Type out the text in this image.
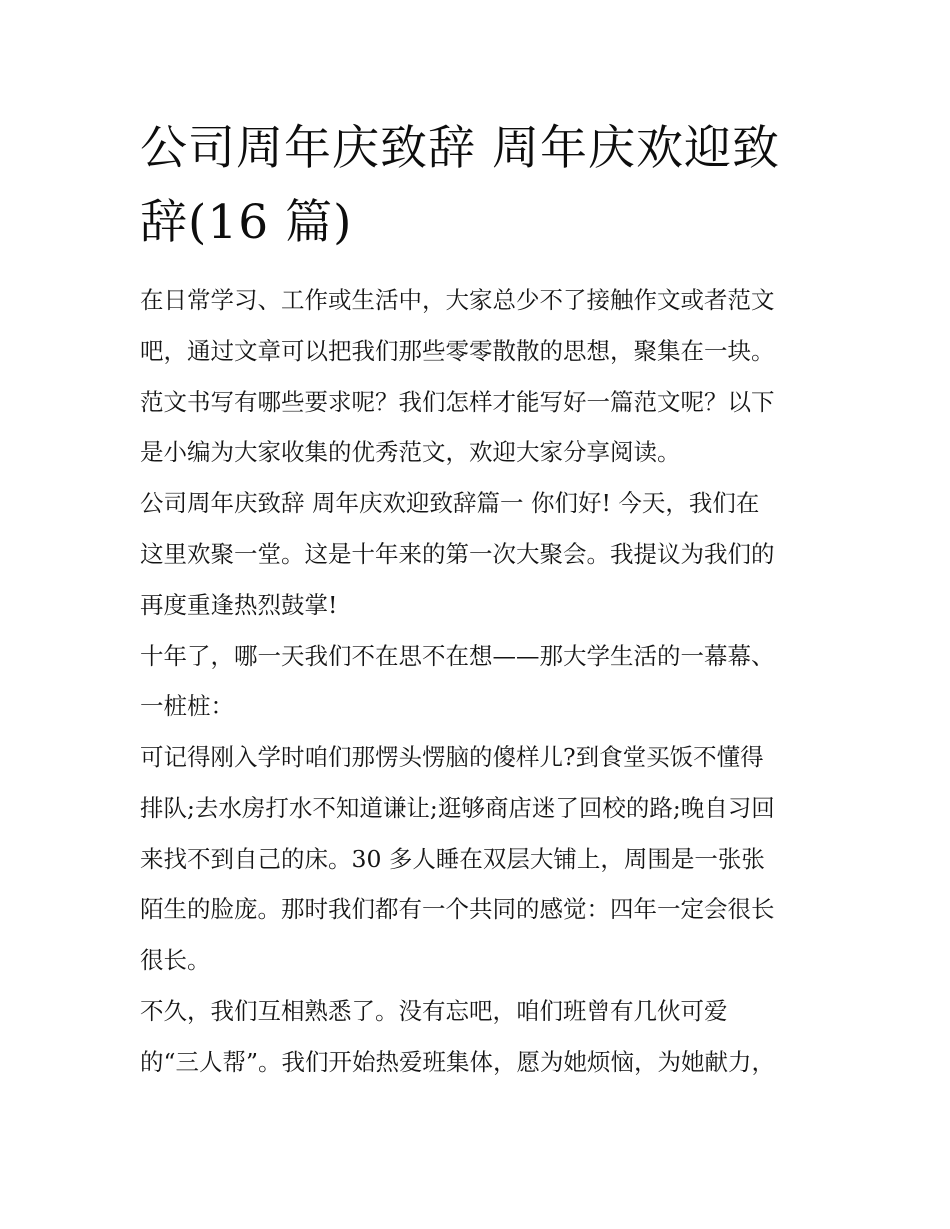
公司周年庆致辞 周年庆欢迎致
辞(16 篇)

在日常学习、工作或生活中，大家总少不了接触作文或者范文

吧，通过文章可以把我们那些零零散散的思想，聚集在一块。

范文书写有哪些要求呢？我们怎样才能写好一篇范文呢？以下

是小编为大家收集的优秀范文，欢迎大家分享阅读。

公司周年庆致辞 周年庆欢迎致辞篇一 你们好! 今天，我们在

这里欢聚一堂。这是十年来的第一次大聚会。我提议为我们的

再度重逢热烈鼓掌!

十年了，哪一天我们不在思不在想——那大学生活的一幕幕、

一桩桩：

可记得刚入学时咱们那愣头愣脑的傻样儿?到食堂买饭不懂得

排队;去水房打水不知道谦让;逛够商店迷了回校的路;晚自习回

来找不到自己的床。30 多人睡在双层大铺上，周围是一张张

陌生的脸庞。那时我们都有一个共同的感觉：四年一定会很长

很长。

不久，我们互相熟悉了。没有忘吧，咱们班曾有几伙可爱

的“三人帮”。我们开始热爱班集体，愿为她烦恼，为她献力，
